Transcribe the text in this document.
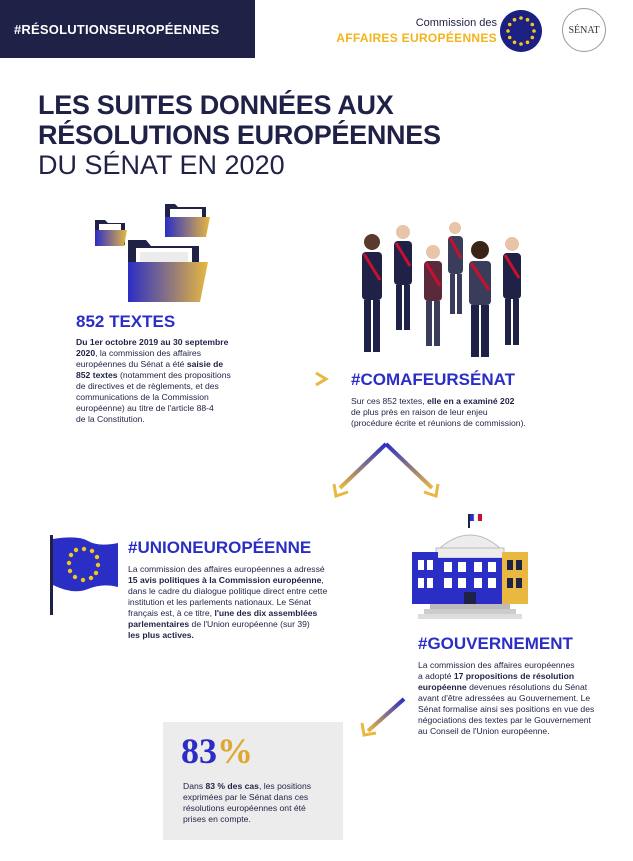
#RÉSOLUTIONSEUROPÉENNES	Commission des
AFFAIRES EUROPÉENNES
SÉNAT
LES SUITES DONNÉES AUX
RÉSOLUTIONS EUROPÉENNES
DU SÉNAT EN 2020
852 TEXTES
Du 1er octobre 2019 au 30 septembre
2020, la commission des affaires
européennes du Sénat a été saisie de
852 textes (notamment des propositions
de directives et de règlements, et des
communications de la Commission
européenne) au titre de l'article 88-4
de la Constitution.
#COMAFEURSÉNAT
Sur ces 852 textes, elle en a examiné 202
de plus près en raison de leur enjeu
(procédure écrite et réunions de commission).
#UNIONEUROPÉENNE
La commission des affaires européennes a adressé
15 avis politiques à la Commission européenne,
dans le cadre du dialogue politique direct entre cette
institution et les parlements nationaux. Le Sénat
français est, à ce titre, l'une des dix assemblées
parlementaires de l'Union européenne (sur 39)
les plus actives.	#GOUVERNEMENT
La commission des affaires européennes
a adopté 17 propositions de résolution
européenne devenues résolutions du Sénat
avant d'être adressées au Gouvernement. Le
Sénat formalise ainsi ses positions en vue des
négociations des textes par le Gouvernement
au Conseil de l'Union européenne.
83%
Dans 83 % des cas, les positions
exprimées par le Sénat dans ces
résolutions européennes ont été
prises en compte.
